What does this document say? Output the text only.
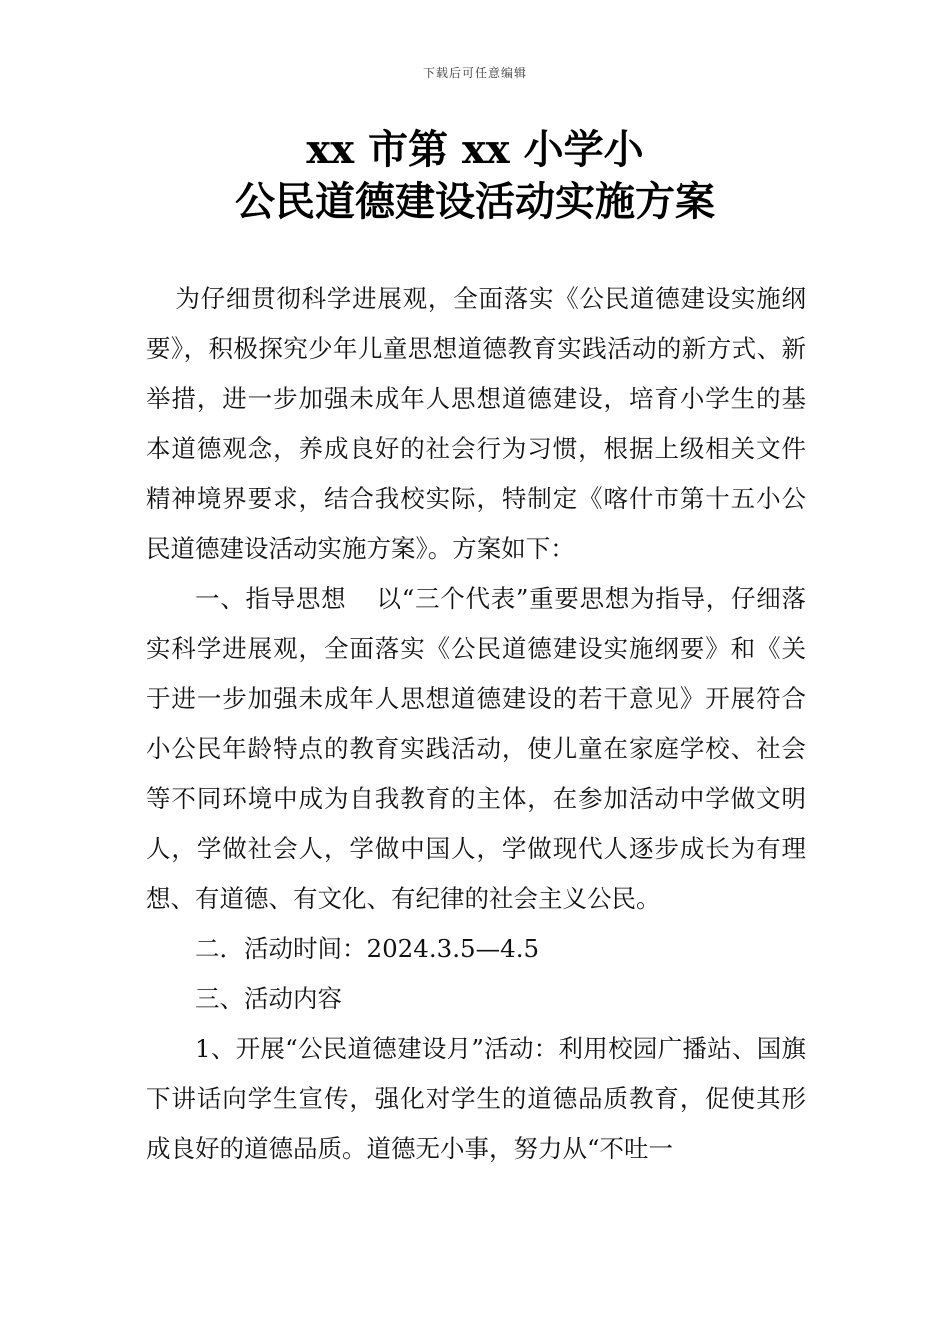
下载后可任意编辑
xx 市第 xx 小学小
公民道德建设活动实施方案

为仔细贯彻科学进展观，全面落实《公民道德建设实施纲要》，积极探究少年儿童思想道德教育实践活动的新方式、新举措，进一步加强未成年人思想道德建设，培育小学生的基本道德观念，养成良好的社会行为习惯，根据上级相关文件精神境界要求，结合我校实际，特制定《喀什市第十五小公民道德建设活动实施方案》。方案如下：

一、指导思想 以“三个代表”重要思想为指导，仔细落实科学进展观，全面落实《公民道德建设实施纲要》和《关于进一步加强未成年人思想道德建设的若干意见》开展符合小公民年龄特点的教育实践活动，使儿童在家庭学校、社会等不同环境中成为自我教育的主体，在参加活动中学做文明人，学做社会人，学做中国人，学做现代人逐步成长为有理想、有道德、有文化、有纪律的社会主义公民。

二．活动时间：2024.3.5—4.5

三、活动内容

1、开展“公民道德建设月”活动：利用校园广播站、国旗下讲话向学生宣传，强化对学生的道德品质教育，促使其形成良好的道德品质。道德无小事，努力从“不吐一
